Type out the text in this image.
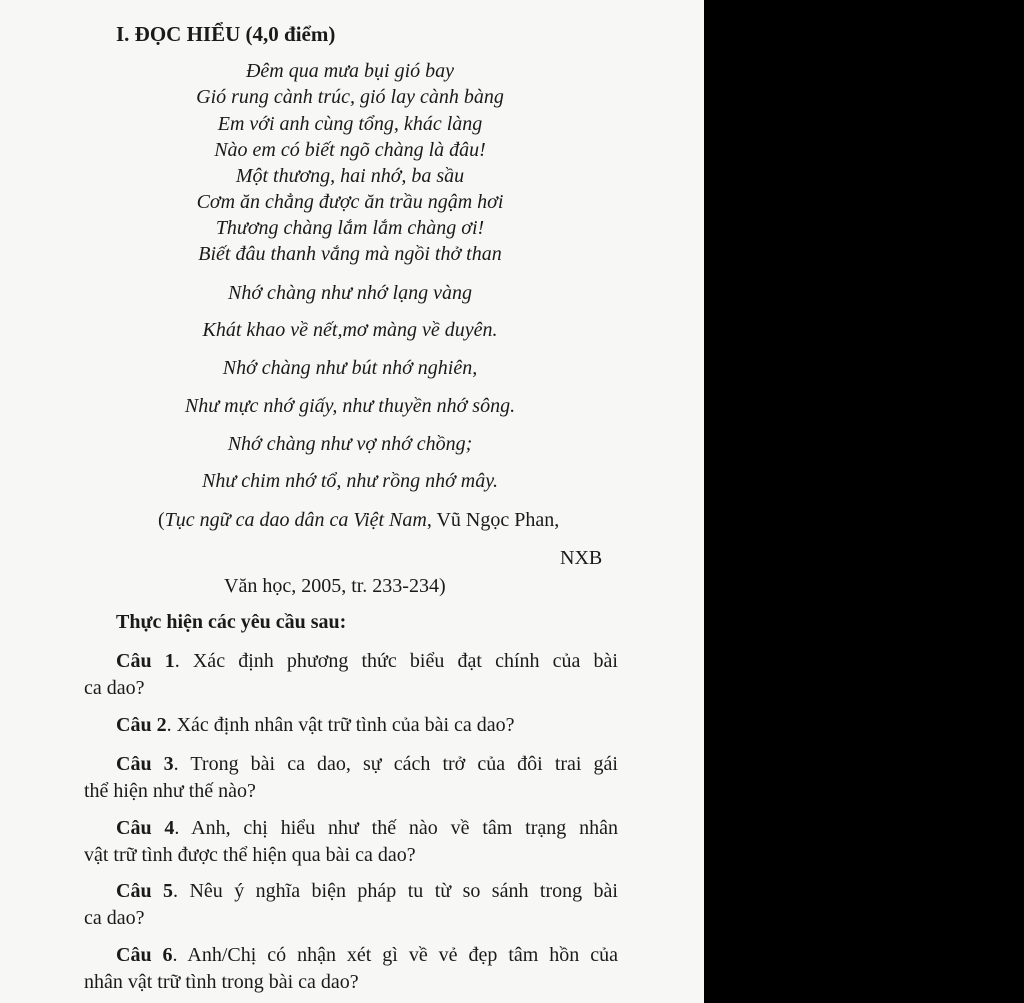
I. ĐỌC HIỂU (4,0 điểm)
Đêm qua mưa bụi gió bay
Gió rung cành trúc, gió lay cành bàng
Em với anh cùng tổng, khác làng
Nào em có biết ngõ chàng là đâu!
Một thương, hai nhớ, ba sầu
Cơm ăn chẳng được ăn trầu ngậm hơi
Thương chàng lắm lắm chàng ơi!
Biết đâu thanh vắng mà ngồi thở than
Nhớ chàng như nhớ lạng vàng
Khát khao về nết,mơ màng về duyên.
Nhớ chàng như bút nhớ nghiên,
Như mực nhớ giấy, như thuyền nhớ sông.
Nhớ chàng như vợ nhớ chồng;
Như chim nhớ tổ, như rồng nhớ mây.
(Tục ngữ ca dao dân ca Việt Nam, Vũ Ngọc Phan,
NXB
Văn học, 2005, tr. 233-234)
Thực hiện các yêu cầu sau:
Câu 1. Xác định phương thức biểu đạt chính của bài
ca dao?
Câu 2. Xác định nhân vật trữ tình của bài ca dao?
Câu 3. Trong bài ca dao, sự cách trở của đôi trai gái
thể hiện như thế nào?
Câu 4. Anh, chị hiểu như thế nào về tâm trạng nhân
vật trữ tình được thể hiện qua bài ca dao?
Câu 5. Nêu ý nghĩa biện pháp tu từ so sánh trong bài
ca dao?
Câu 6. Anh/Chị có nhận xét gì về vẻ đẹp tâm hồn của
nhân vật trữ tình trong bài ca dao?
